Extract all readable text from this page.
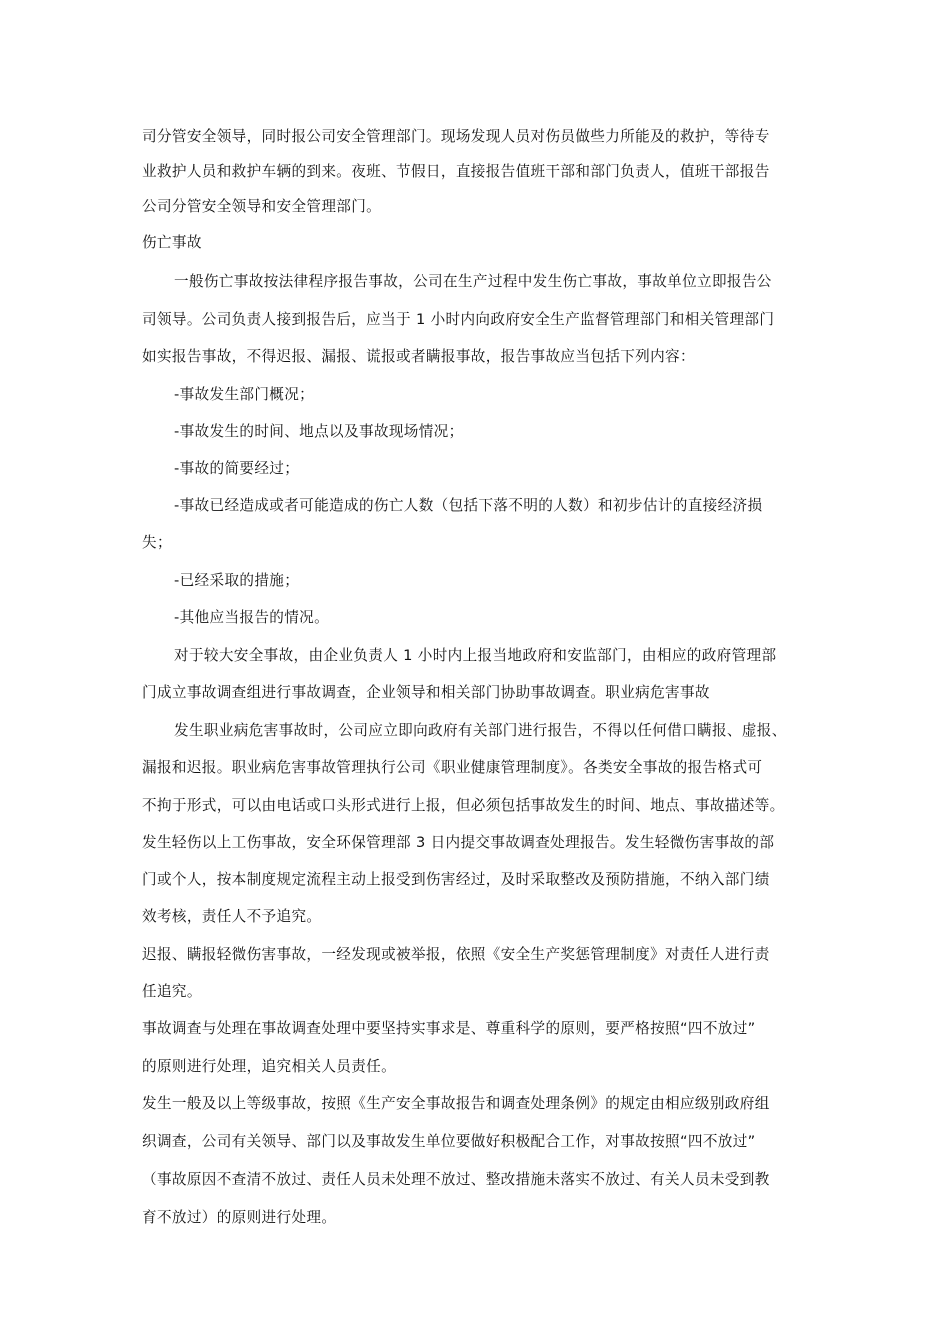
司分管安全领导，同时报公司安全管理部门。现场发现人员对伤员做些力所能及的救护，等待专
业救护人员和救护车辆的到来。夜班、节假日，直接报告值班干部和部门负责人，值班干部报告
公司分管安全领导和安全管理部门。
伤亡事故
一般伤亡事故按法律程序报告事故，公司在生产过程中发生伤亡事故，事故单位立即报告公
司领导。公司负责人接到报告后，应当于 1 小时内向政府安全生产监督管理部门和相关管理部门
如实报告事故，不得迟报、漏报、谎报或者瞒报事故，报告事故应当包括下列内容：
-事故发生部门概况；
-事故发生的时间、地点以及事故现场情况；
-事故的简要经过；
-事故已经造成或者可能造成的伤亡人数（包括下落不明的人数）和初步估计的直接经济损
失；
-已经采取的措施；
-其他应当报告的情况。
对于较大安全事故，由企业负责人 1 小时内上报当地政府和安监部门，由相应的政府管理部
门成立事故调查组进行事故调查，企业领导和相关部门协助事故调查。职业病危害事故
发生职业病危害事故时，公司应立即向政府有关部门进行报告，不得以任何借口瞒报、虚报、
漏报和迟报。职业病危害事故管理执行公司《职业健康管理制度》。各类安全事故的报告格式可
不拘于形式，可以由电话或口头形式进行上报，但必须包括事故发生的时间、地点、事故描述等。
发生轻伤以上工伤事故，安全环保管理部 3 日内提交事故调查处理报告。发生轻微伤害事故的部
门或个人，按本制度规定流程主动上报受到伤害经过，及时采取整改及预防措施，不纳入部门绩
效考核，责任人不予追究。
迟报、瞒报轻微伤害事故，一经发现或被举报，依照《安全生产奖惩管理制度》对责任人进行责
任追究。
事故调查与处理在事故调查处理中要坚持实事求是、尊重科学的原则，要严格按照“四不放过”
的原则进行处理，追究相关人员责任。
发生一般及以上等级事故，按照《生产安全事故报告和调查处理条例》的规定由相应级别政府组
织调查，公司有关领导、部门以及事故发生单位要做好积极配合工作，对事故按照“四不放过”
（事故原因不查清不放过、责任人员未处理不放过、整改措施未落实不放过、有关人员未受到教
育不放过）的原则进行处理。
